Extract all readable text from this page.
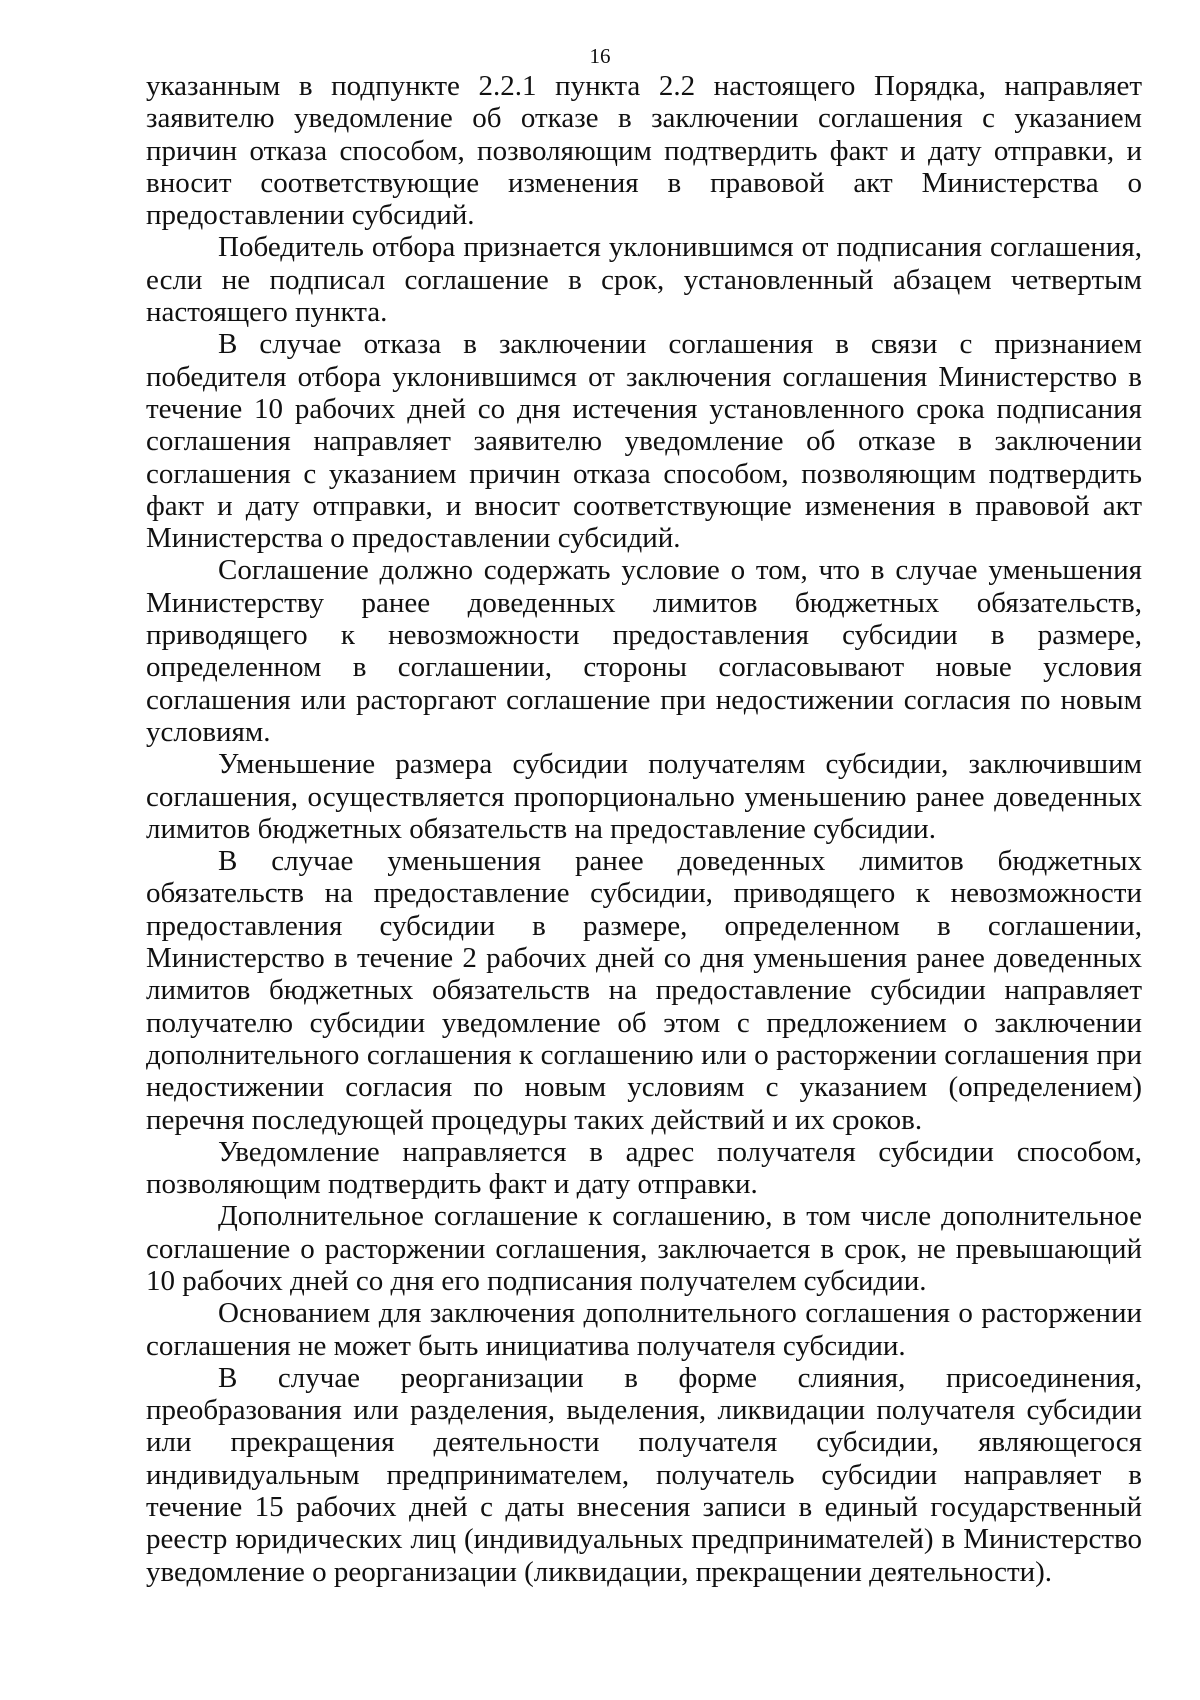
16

указанным в подпункте 2.2.1 пункта 2.2 настоящего Порядка, направляет заявителю уведомление об отказе в заключении соглашения с указанием причин отказа способом, позволяющим подтвердить факт и дату отправки, и вносит соответствующие изменения в правовой акт Министерства о предоставлении субсидий.

Победитель отбора признается уклонившимся от подписания соглашения, если не подписал соглашение в срок, установленный абзацем четвертым настоящего пункта.

В случае отказа в заключении соглашения в связи с признанием победителя отбора уклонившимся от заключения соглашения Министерство в течение 10 рабочих дней со дня истечения установленного срока подписания соглашения направляет заявителю уведомление об отказе в заключении соглашения с указанием причин отказа способом, позволяющим подтвердить факт и дату отправки, и вносит соответствующие изменения в правовой акт Министерства о предоставлении субсидий.

Соглашение должно содержать условие о том, что в случае уменьшения Министерству ранее доведенных лимитов бюджетных обязательств, приводящего к невозможности предоставления субсидии в размере, определенном в соглашении, стороны согласовывают новые условия соглашения или расторгают соглашение при недостижении согласия по новым условиям.

Уменьшение размера субсидии получателям субсидии, заключившим соглашения, осуществляется пропорционально уменьшению ранее доведенных лимитов бюджетных обязательств на предоставление субсидии.

В случае уменьшения ранее доведенных лимитов бюджетных обязательств на предоставление субсидии, приводящего к невозможности предоставления субсидии в размере, определенном в соглашении, Министерство в течение 2 рабочих дней со дня уменьшения ранее доведенных лимитов бюджетных обязательств на предоставление субсидии направляет получателю субсидии уведомление об этом с предложением о заключении дополнительного соглашения к соглашению или о расторжении соглашения при недостижении согласия по новым условиям с указанием (определением) перечня последующей процедуры таких действий и их сроков.

Уведомление направляется в адрес получателя субсидии способом, позволяющим подтвердить факт и дату отправки.

Дополнительное соглашение к соглашению, в том числе дополнительное соглашение о расторжении соглашения, заключается в срок, не превышающий 10 рабочих дней со дня его подписания получателем субсидии.

Основанием для заключения дополнительного соглашения о расторжении соглашения не может быть инициатива получателя субсидии.

В случае реорганизации в форме слияния, присоединения, преобразования или разделения, выделения, ликвидации получателя субсидии или прекращения деятельности получателя субсидии, являющегося индивидуальным предпринимателем, получатель субсидии направляет в течение 15 рабочих дней с даты внесения записи в единый государственный реестр юридических лиц (индивидуальных предпринимателей) в Министерство уведомление о реорганизации (ликвидации, прекращении деятельности).
